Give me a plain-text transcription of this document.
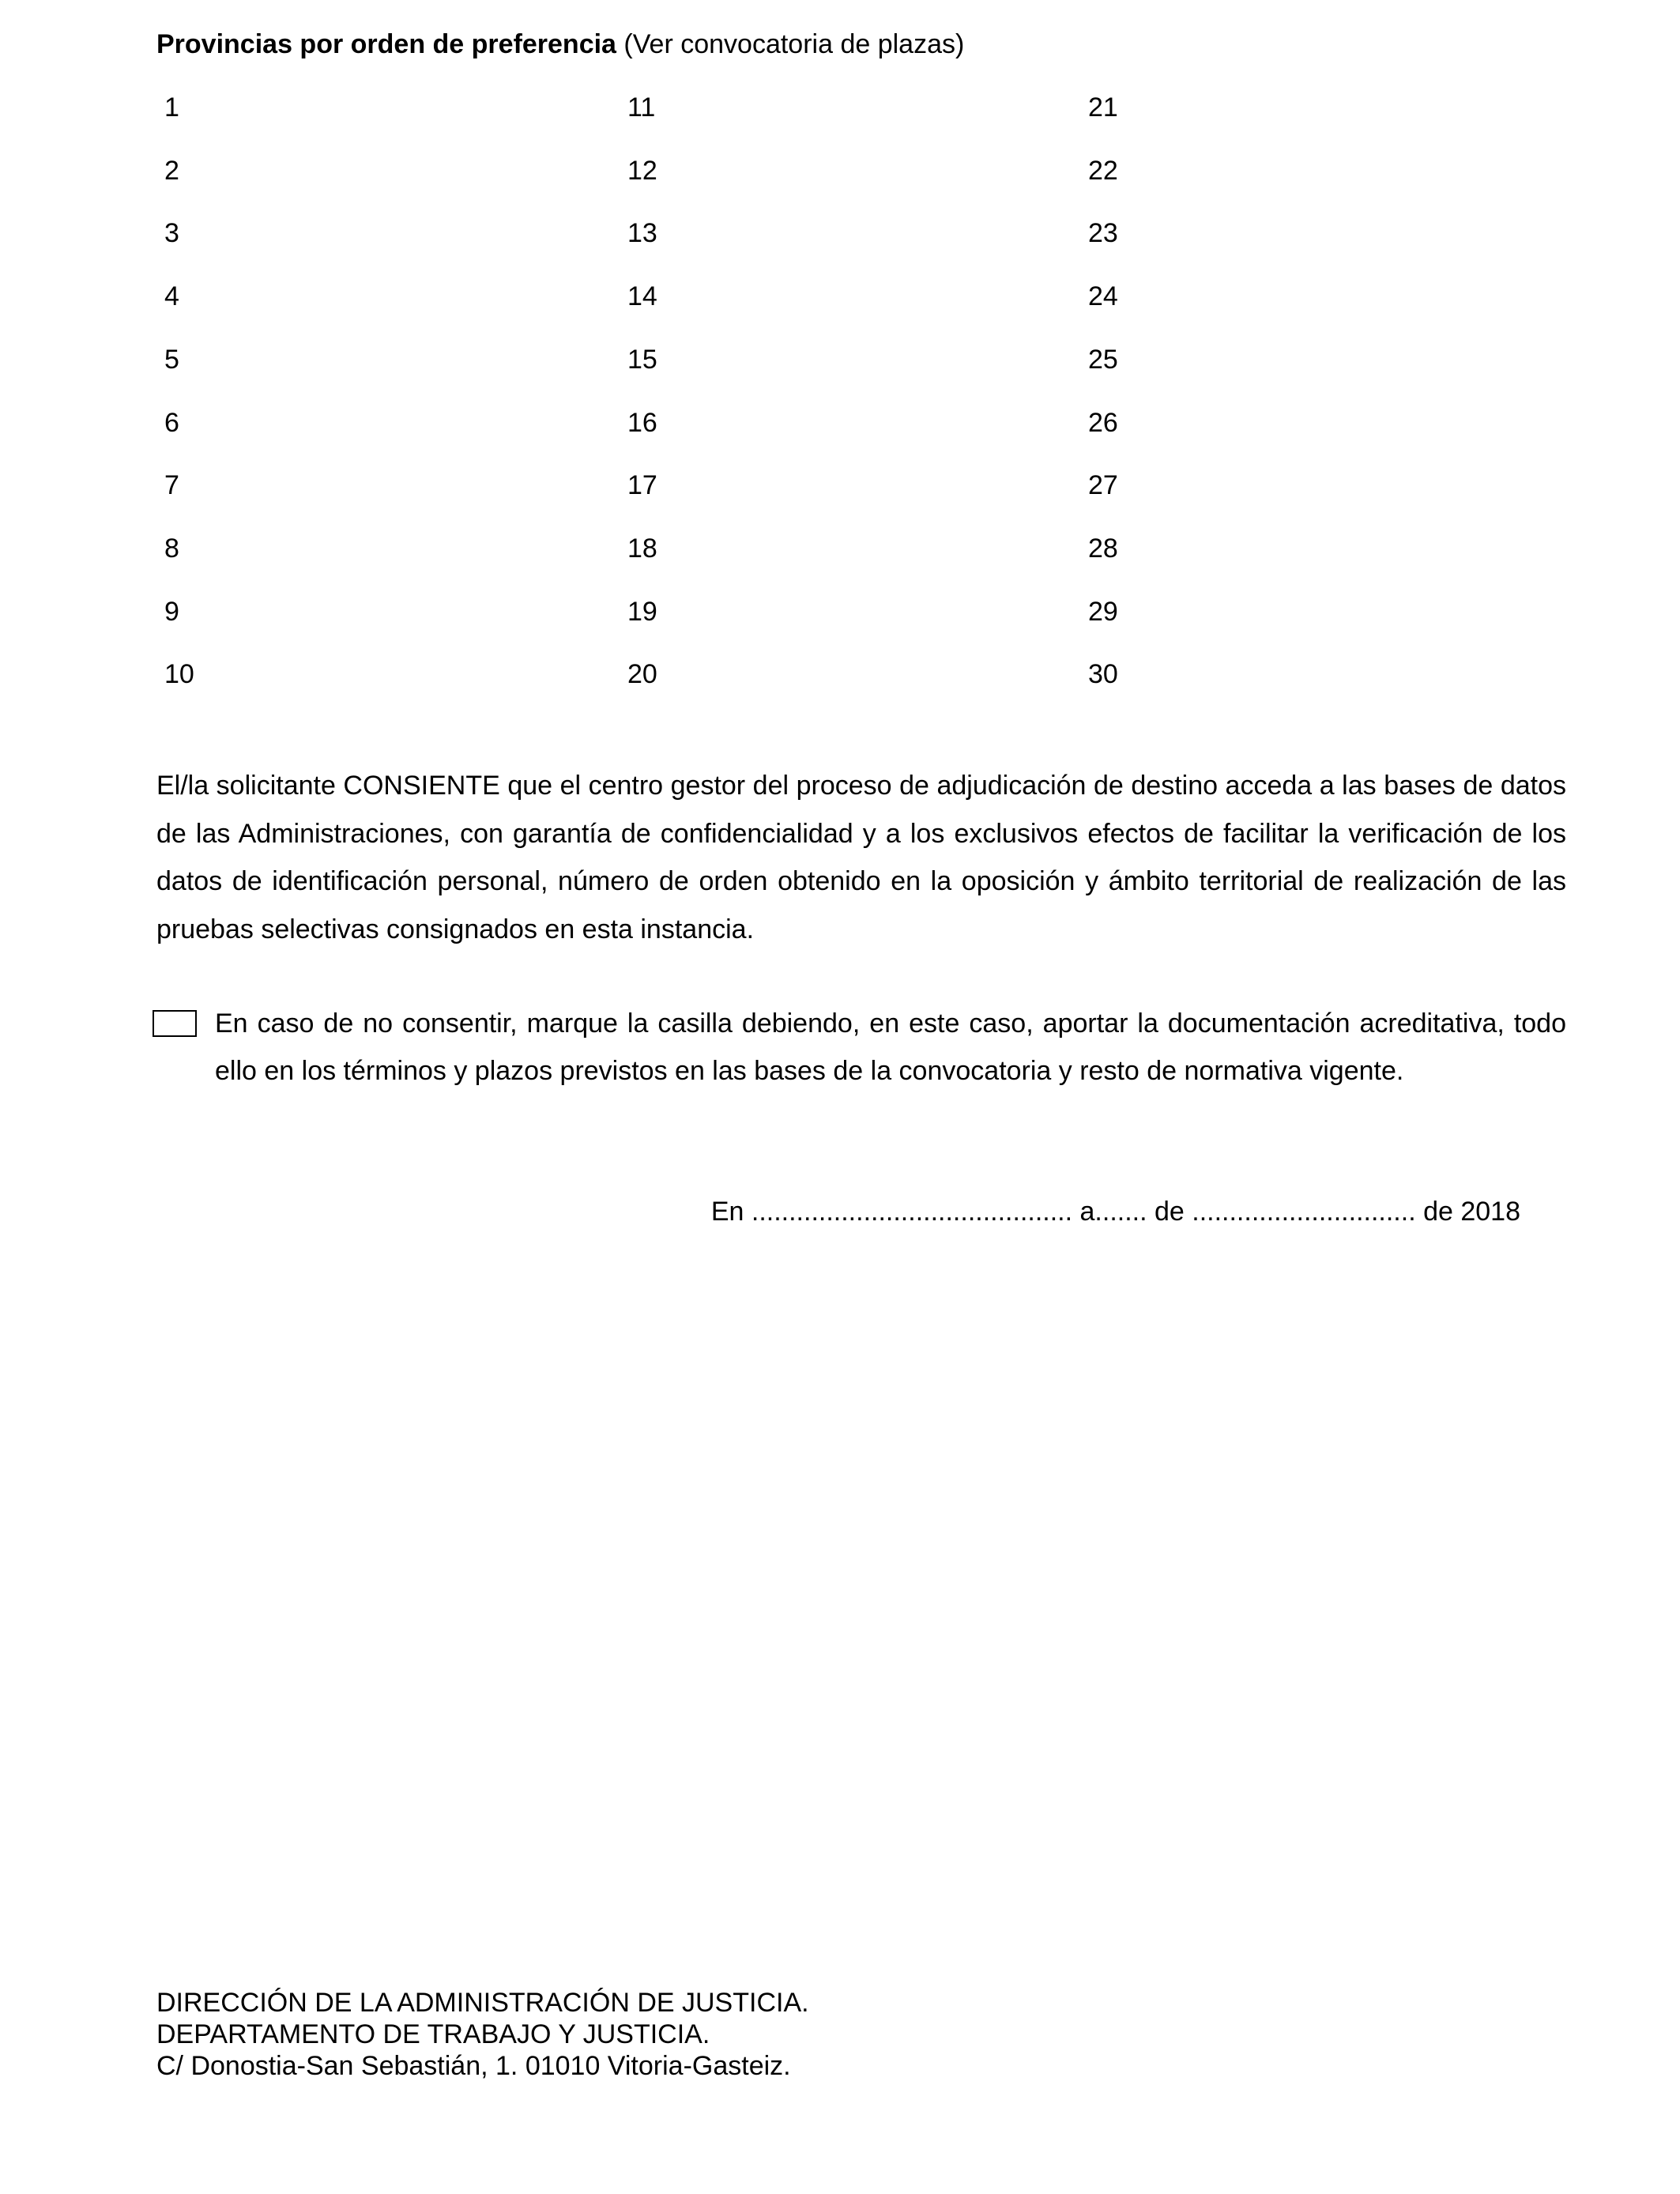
Provincias por orden de preferencia (Ver convocatoria de plazas)
1
2
3
4
5
6
7
8
9
10
11
12
13
14
15
16
17
18
19
20
21
22
23
24
25
26
27
28
29
30
El/la solicitante CONSIENTE que el centro gestor del proceso de adjudicación de destino acceda a las bases de datos de las Administraciones, con garantía de confidencialidad y a los exclusivos efectos de facilitar la verificación de los datos de identificación personal, número de orden obtenido en la oposición y ámbito territorial de realización de las pruebas selectivas consignados en esta instancia.
En caso de no consentir, marque la casilla debiendo, en este caso, aportar la documentación acreditativa, todo ello en los términos y plazos previstos en las bases de la convocatoria y resto de normativa vigente.
En ........................................... a....... de .............................. de 2018
DIRECCIÓN DE LA ADMINISTRACIÓN DE JUSTICIA.
DEPARTAMENTO DE TRABAJO Y JUSTICIA.
C/ Donostia-San Sebastián, 1. 01010 Vitoria-Gasteiz.
